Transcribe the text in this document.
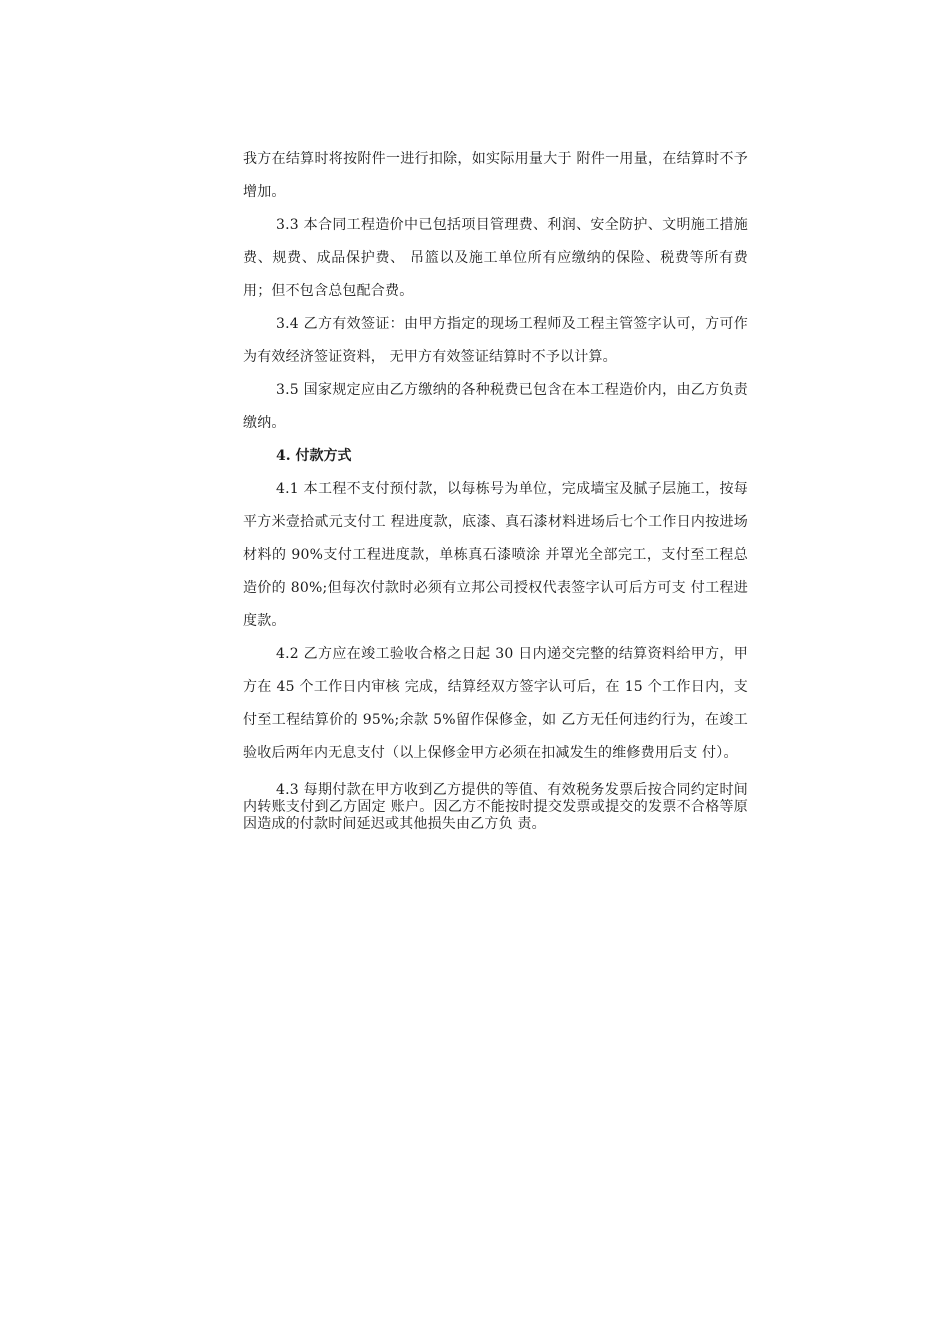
我方在结算时将按附件一进行扣除，如实际用量大于 附件一用量，在结算时不予增加。

3.3 本合同工程造价中已包括项目管理费、利润、安全防护、文明施工措施费、规费、成品保护费、 吊篮以及施工单位所有应缴纳的保险、税费等所有费用；但不包含总包配合费。

3.4 乙方有效签证：由甲方指定的现场工程师及工程主管签字认可，方可作为有效经济签证资料， 无甲方有效签证结算时不予以计算。

3.5 国家规定应由乙方缴纳的各种税费已包含在本工程造价内，由乙方负责缴纳。

4. 付款方式

4.1 本工程不支付预付款，以每栋号为单位，完成墙宝及腻子层施工，按每平方米壹拾贰元支付工 程进度款，底漆、真石漆材料进场后七个工作日内按进场材料的 90%支付工程进度款，单栋真石漆喷涂 并罩光全部完工，支付至工程总造价的 80%;但每次付款时必须有立邦公司授权代表签字认可后方可支 付工程进度款。

4.2 乙方应在竣工验收合格之日起 30 日内递交完整的结算资料给甲方，甲方在 45 个工作日内审核 完成，结算经双方签字认可后，在 15 个工作日内，支付至工程结算价的 95%;余款 5%留作保修金，如 乙方无任何违约行为，在竣工验收后两年内无息支付（以上保修金甲方必须在扣减发生的维修费用后支 付）。

4.3 每期付款在甲方收到乙方提供的等值、有效税务发票后按合同约定时间内转账支付到乙方固定 账户。因乙方不能按时提交发票或提交的发票不合格等原因造成的付款时间延迟或其他损失由乙方负 责。
